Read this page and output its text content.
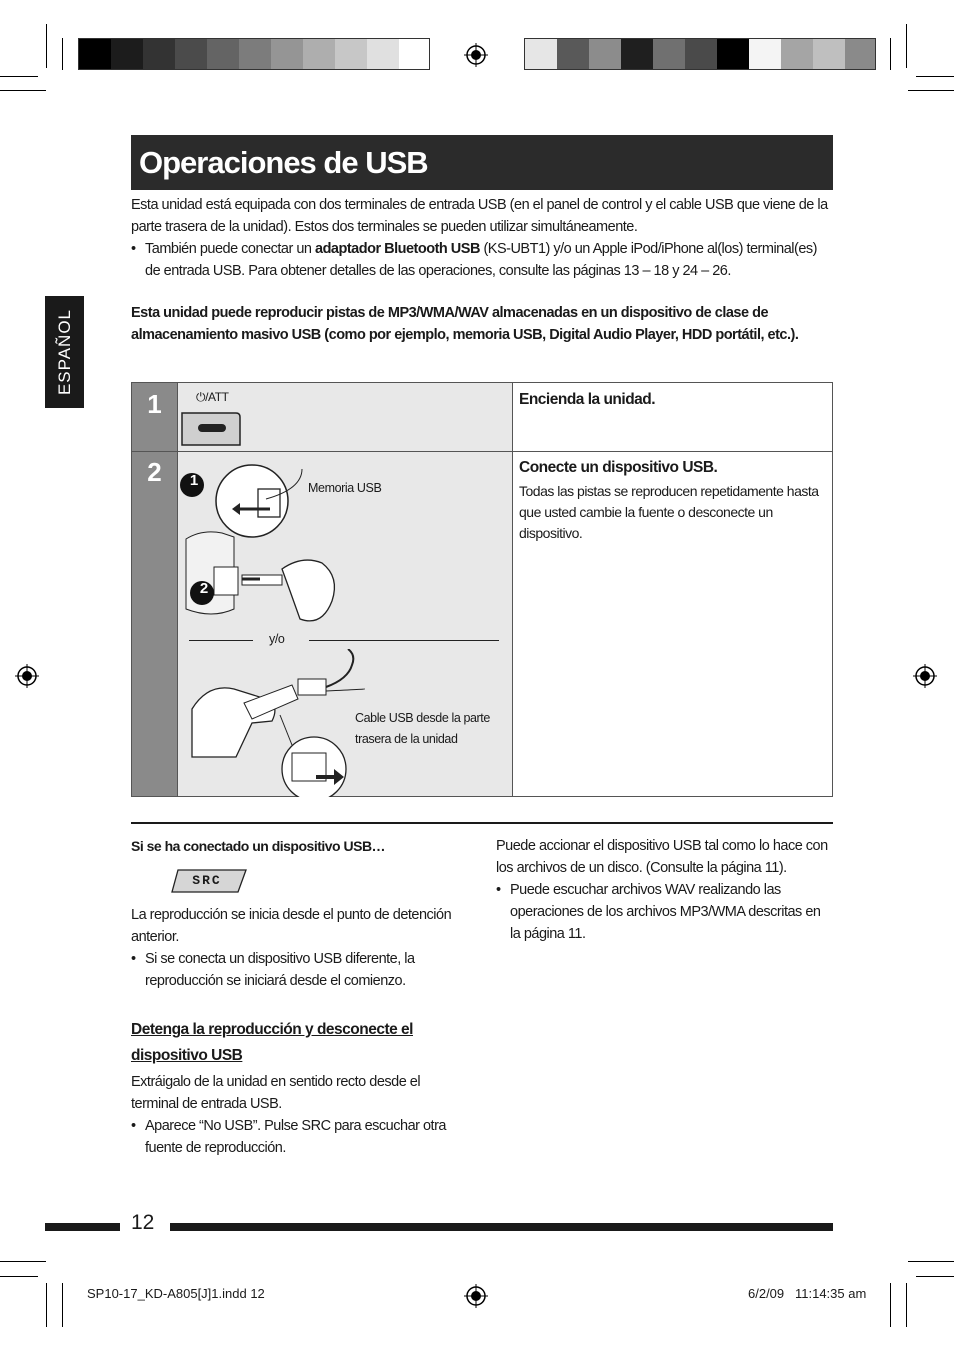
Operaciones de USB
ESPAÑOL
Esta unidad está equipada con dos terminales de entrada USB (en el panel de control y el cable USB que viene de la parte trasera de la unidad). Estos dos terminales se pueden utilizar simultáneamente.
• También puede conectar un adaptador Bluetooth USB (KS-UBT1) y/o un Apple iPod/iPhone al(los) terminal(es) de entrada USB. Para obtener detalles de las operaciones, consulte las páginas 13 – 18 y 24 – 26.
Esta unidad puede reproducir pistas de MP3/WMA/WAV almacenadas en un dispositivo de clase de almacenamiento masivo USB (como por ejemplo, memoria USB, Digital Audio Player, HDD portátil, etc.).
1
2
⏻/ATT	Encienda la unidad.
Memoria USB
1
2
y/o
Cable USB desde la parte trasera de la unidad
Conecte un dispositivo USB.
Todas las pistas se reproducen repetidamente hasta que usted cambie la fuente o desconecte un dispositivo.
Si se ha conectado un dispositivo USB…
SRC
La reproducción se inicia desde el punto de detención anterior.
• Si se conecta un dispositivo USB diferente, la reproducción se iniciará desde el comienzo.
Detenga la reproducción y desconecte el dispositivo USB
Extráigalo de la unidad en sentido recto desde el terminal de entrada USB.
• Aparece “No USB”. Pulse SRC para escuchar otra fuente de reproducción.
Puede accionar el dispositivo USB tal como lo hace con los archivos de un disco. (Consulte la página 11).
• Puede escuchar archivos WAV realizando las operaciones de los archivos MP3/WMA descritas en la página 11.
12
SP10-17_KD-A805[J]1.indd 12	6/2/09   11:14:35 am
